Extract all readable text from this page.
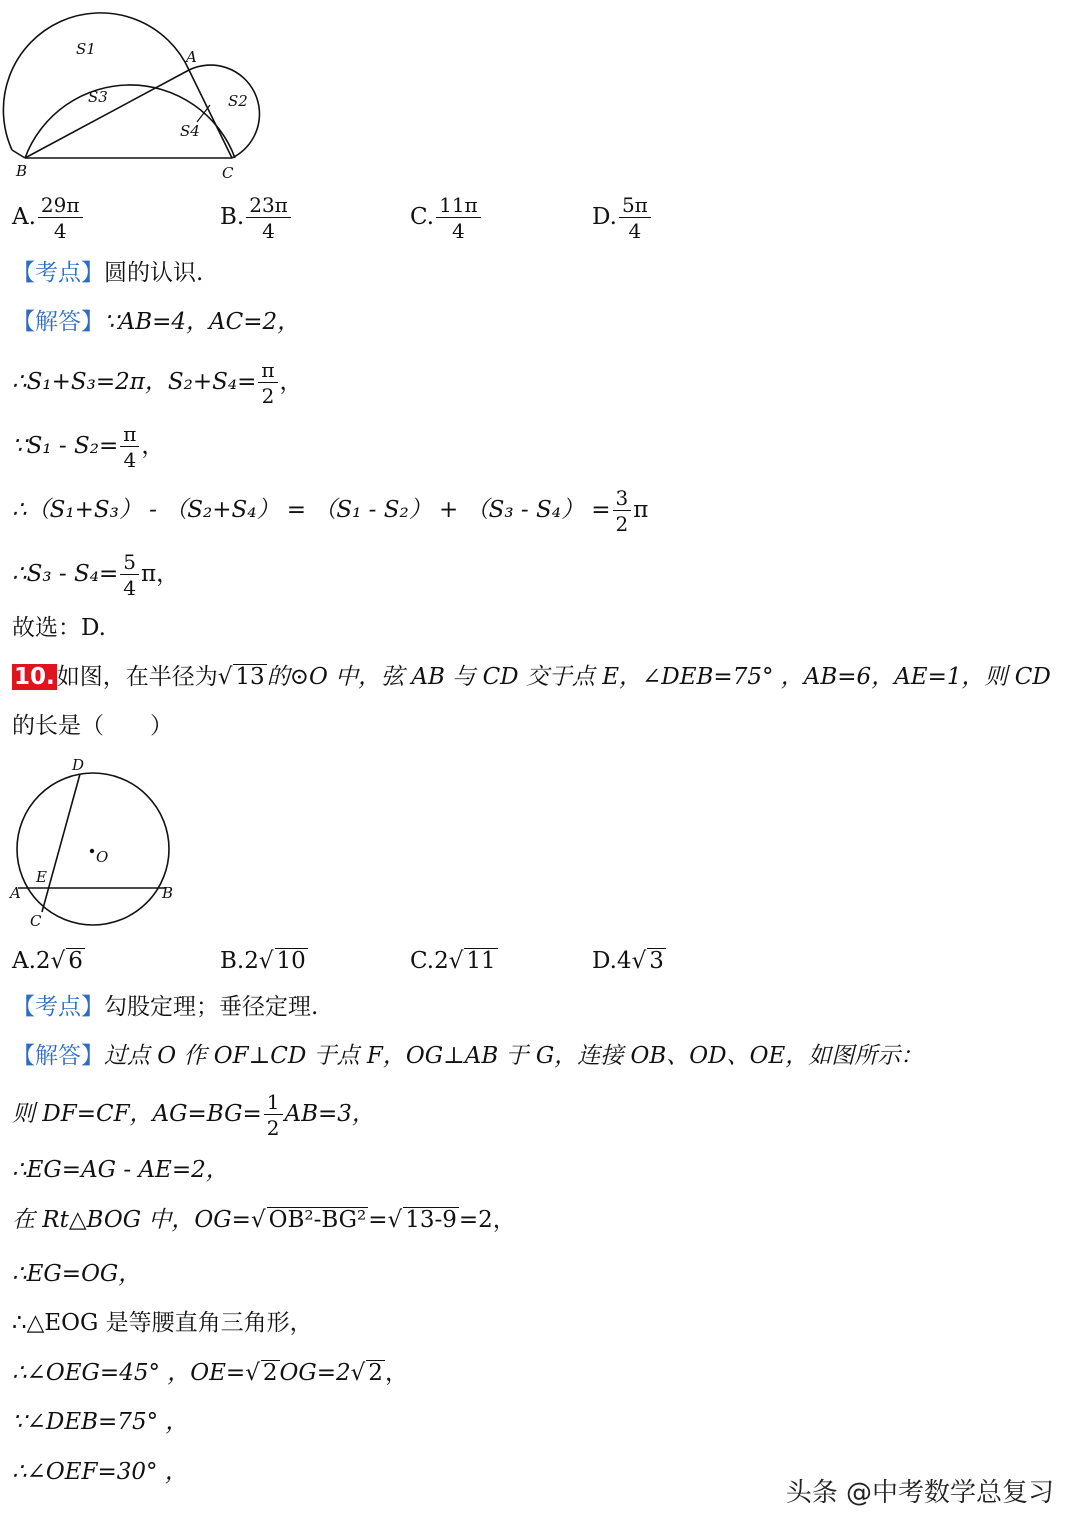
S1
S3
A
S2
S4
B	C
A. $\frac{29\pi}{4}$	B. $\frac{23\pi}{4}$	C. $\frac{11\pi}{4}$	D. $\frac{5\pi}{4}$
【考点】圆的认识.
【解答】∵AB=4，AC=2，
∴S₁+S₃=2π，$S_2+S_4= \frac{\pi}{2}$ ，
∵S₁ - $S_2= \frac{\pi}{4}$ ，
∴（S₁+S₃） - $(S_2+S_4) = (S_1 - S_2) + (S_3 - S_4) = \frac{3}{2}$ π
∴S₃ - $S_4= \frac{5}{4}$ π，
故选：D.
10.如图，在半径为√ 13的⊙O 中，弦 AB 与 CD 交于点 E，∠DEB=75° ，AB=6，AE=1，则 CD
的长是（　　）
D
O
E
A	B
C
A.2√ 6	B.2√ 10	C.2√ 11	D.4√ 3
【考点】勾股定理；垂径定理.
【解答】过点 O 作 OF⊥CD 于点 F，OG⊥AB 于 G，连接 OB、OD、OE，如图所示：
则 DF=CF，$AG=BG= \frac{1}{2} AB=3$，
∴EG=AG - AE=2，
在 Rt△BOG 中，OG=√ OB²-BG²=√ 13-9=2，
∴EG=OG，
∴△EOG 是等腰直角三角形，
∴∠OEG=45° ，OE=√ 2OG=2√ 2，
∵∠DEB=75° ，
∴∠OEF=30° ，
头条 @中考数学总复习
